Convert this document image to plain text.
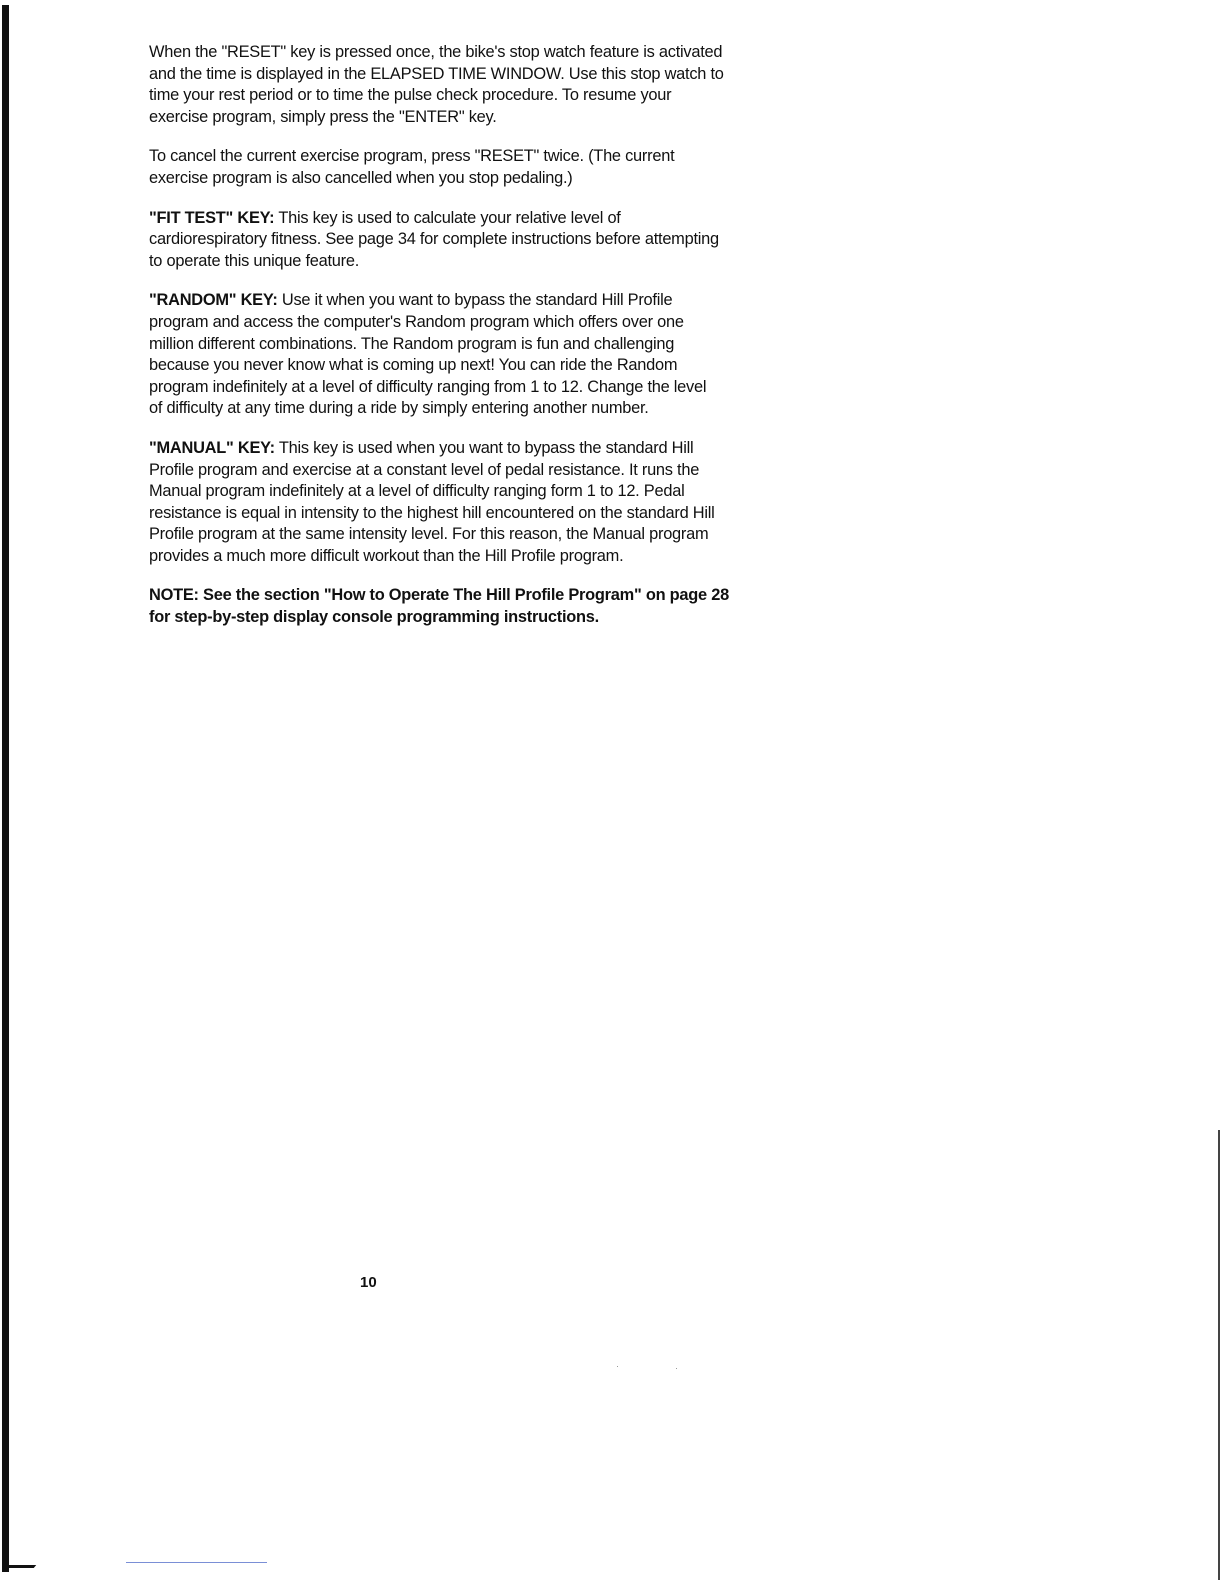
When the "RESET" key is pressed once, the bike's stop watch feature is activated
and the time is displayed in the ELAPSED TIME WINDOW. Use this stop watch to
time your rest period or to time the pulse check procedure. To resume your
exercise program, simply press the "ENTER" key.

To cancel the current exercise program, press "RESET" twice. (The current
exercise program is also cancelled when you stop pedaling.)

"FIT TEST" KEY: This key is used to calculate your relative level of
cardiorespiratory fitness. See page 34 for complete instructions before attempting
to operate this unique feature.

"RANDOM" KEY: Use it when you want to bypass the standard Hill Profile
program and access the computer's Random program which offers over one
million different combinations. The Random program is fun and challenging
because you never know what is coming up next! You can ride the Random
program indefinitely at a level of difficulty ranging from 1 to 12. Change the level
of difficulty at any time during a ride by simply entering another number.

"MANUAL" KEY: This key is used when you want to bypass the standard Hill
Profile program and exercise at a constant level of pedal resistance. It runs the
Manual program indefinitely at a level of difficulty ranging form 1 to 12. Pedal
resistance is equal in intensity to the highest hill encountered on the standard Hill
Profile program at the same intensity level. For this reason, the Manual program
provides a much more difficult workout than the Hill Profile program.

NOTE: See the section "How to Operate The Hill Profile Program" on page 28
for step-by-step display console programming instructions.

10
